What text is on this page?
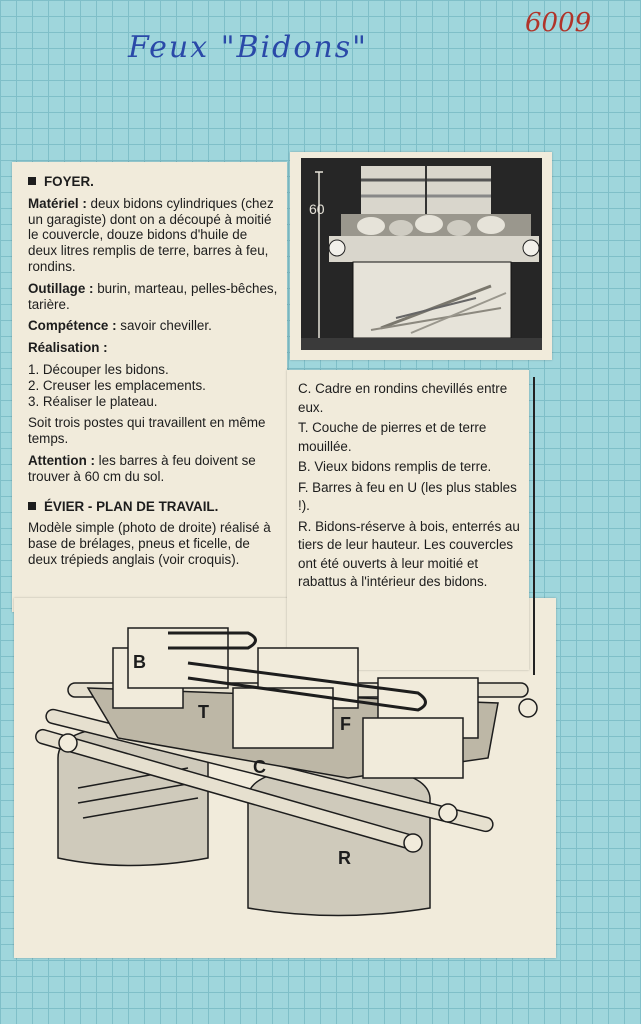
Feux "Bidons"
6009
60
FOYER.

Matériel : deux bidons cylindriques (chez un garagiste) dont on a découpé à moitié le couvercle, douze bidons d'huile de deux litres remplis de terre, barres à feu, rondins.

Outillage : burin, marteau, pelles-bêches, tarière.

Compétence : savoir cheviller.

Réalisation :

1. Découper les bidons.
2. Creuser les emplacements.
3. Réaliser le plateau.

Soit trois postes qui travaillent en même temps.

Attention : les barres à feu doivent se trouver à 60 cm du sol.

ÉVIER - PLAN DE TRAVAIL.

Modèle simple (photo de droite) réalisé à base de brélages, pneus et ficelle, de deux trépieds anglais (voir croquis).

C. Cadre en rondins chevillés entre eux.

T. Couche de pierres et de terre mouillée.

B. Vieux bidons remplis de terre.

F. Barres à feu en U (les plus stables !).

R. Bidons-réserve à bois, enterrés au tiers de leur hauteur. Les couvercles ont été ouverts à leur moitié et rabattus à l'intérieur des bidons.

B
T
F
C
R
